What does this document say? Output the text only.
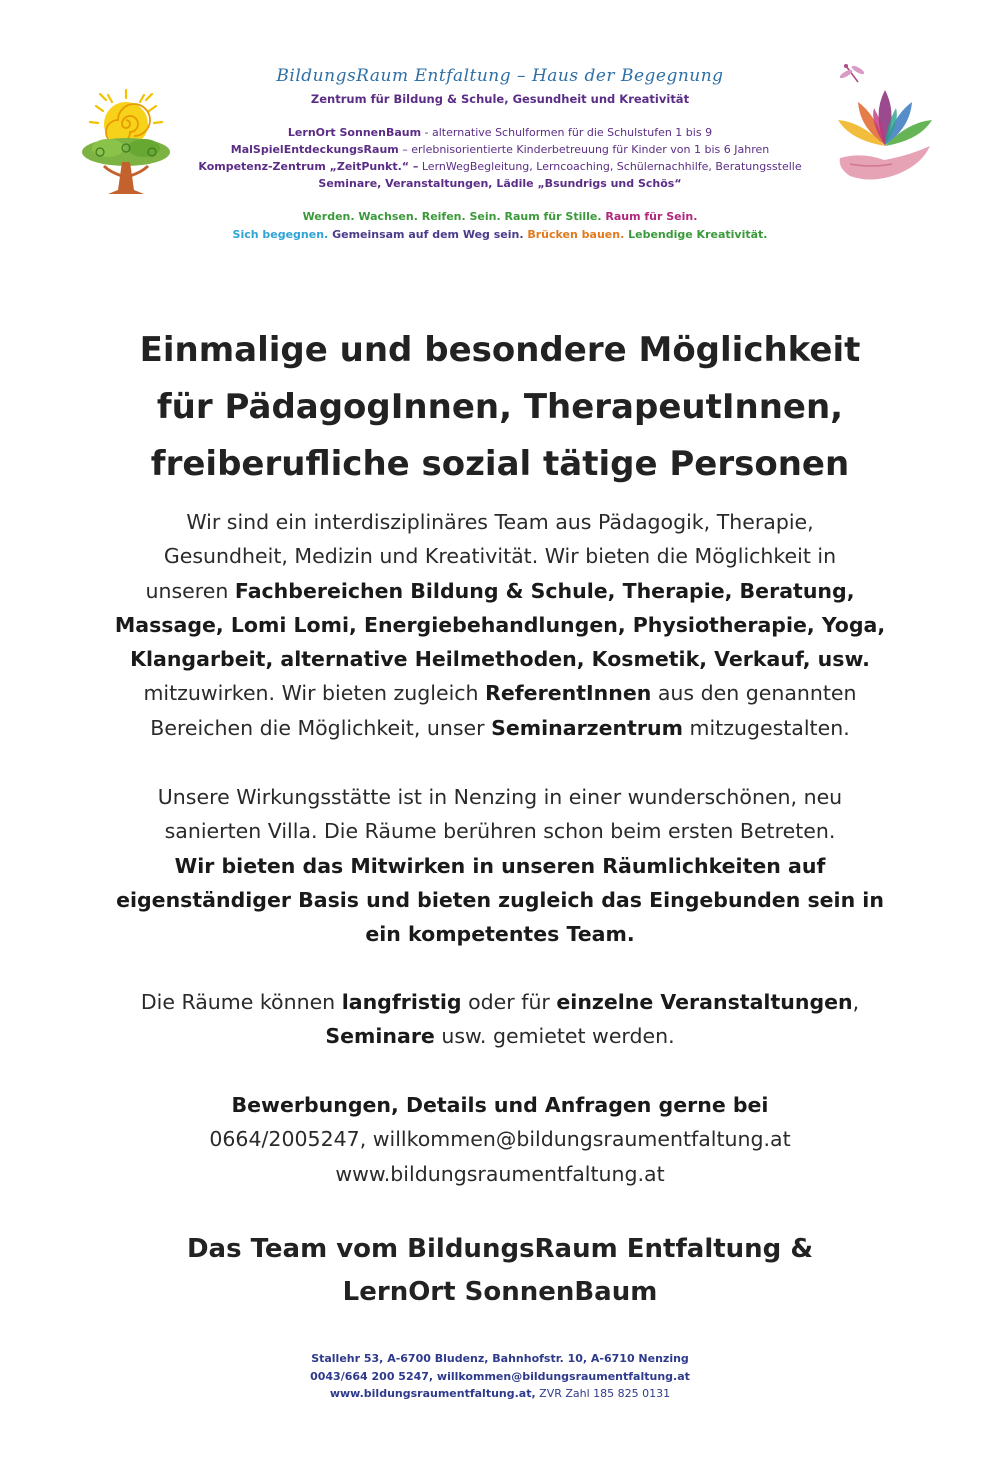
BildungsRaum Entfaltung – Haus der Begegnung
Zentrum für Bildung & Schule, Gesundheit und Kreativität
LernOrt SonnenBaum - alternative Schulformen für die Schulstufen 1 bis 9
MalSpielEntdeckungsRaum – erlebnisorientierte Kinderbetreuung für Kinder von 1 bis 6 Jahren
Kompetenz-Zentrum „ZeitPunkt.“ – LernWegBegleitung, Lerncoaching, Schülernachhilfe, Beratungsstelle
Seminare, Veranstaltungen, Lädile „Bsundrigs und Schös“
Werden. Wachsen. Reifen. Sein. Raum für Stille. Raum für Sein.
Sich begegnen. Gemeinsam auf dem Weg sein. Brücken bauen. Lebendige Kreativität.
Einmalige und besondere Möglichkeit
für PädagogInnen, TherapeutInnen,
freiberufliche sozial tätige Personen
Wir sind ein interdisziplinäres Team aus Pädagogik, Therapie,
Gesundheit, Medizin und Kreativität. Wir bieten die Möglichkeit in
unseren Fachbereichen Bildung & Schule, Therapie, Beratung,
Massage, Lomi Lomi, Energiebehandlungen, Physiotherapie, Yoga,
Klangarbeit, alternative Heilmethoden, Kosmetik, Verkauf, usw.
mitzuwirken. Wir bieten zugleich ReferentInnen aus den genannten
Bereichen die Möglichkeit, unser Seminarzentrum mitzugestalten.
Unsere Wirkungsstätte ist in Nenzing in einer wunderschönen, neu
sanierten Villa. Die Räume berühren schon beim ersten Betreten.
Wir bieten das Mitwirken in unseren Räumlichkeiten auf
eigenständiger Basis und bieten zugleich das Eingebunden sein in
ein kompetentes Team.
Die Räume können langfristig oder für einzelne Veranstaltungen,
Seminare usw. gemietet werden.
Bewerbungen, Details und Anfragen gerne bei
0664/2005247, willkommen@bildungsraumentfaltung.at
www.bildungsraumentfaltung.at
Das Team vom BildungsRaum Entfaltung &
LernOrt SonnenBaum
Stallehr 53, A-6700 Bludenz, Bahnhofstr. 10, A-6710 Nenzing
0043/664 200 5247, willkommen@bildungsraumentfaltung.at
www.bildungsraumentfaltung.at, ZVR Zahl 185 825 0131
